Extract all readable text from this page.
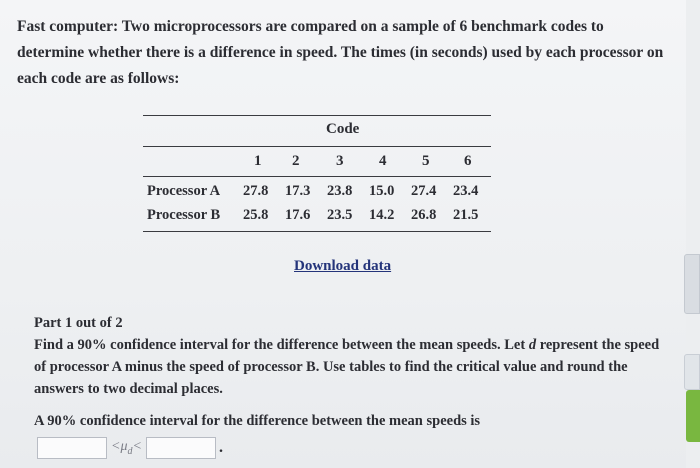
Fast computer: Two microprocessors are compared on a sample of 6 benchmark codes to determine whether there is a difference in speed. The times (in seconds) used by each processor on each code are as follows:
Code
1 2 3 4 5 6
Processor A 27.8 17.3 23.8 15.0 27.4 23.4
Processor B 25.8 17.6 23.5 14.2 26.8 21.5
Download data
Part 1 out of 2
Find a 90% confidence interval for the difference between the mean speeds. Let d represent the speed of processor A minus the speed of processor B. Use tables to find the critical value and round the answers to two decimal places.
A 90% confidence interval for the difference between the mean speeds is
$<\mu_d<$	.
